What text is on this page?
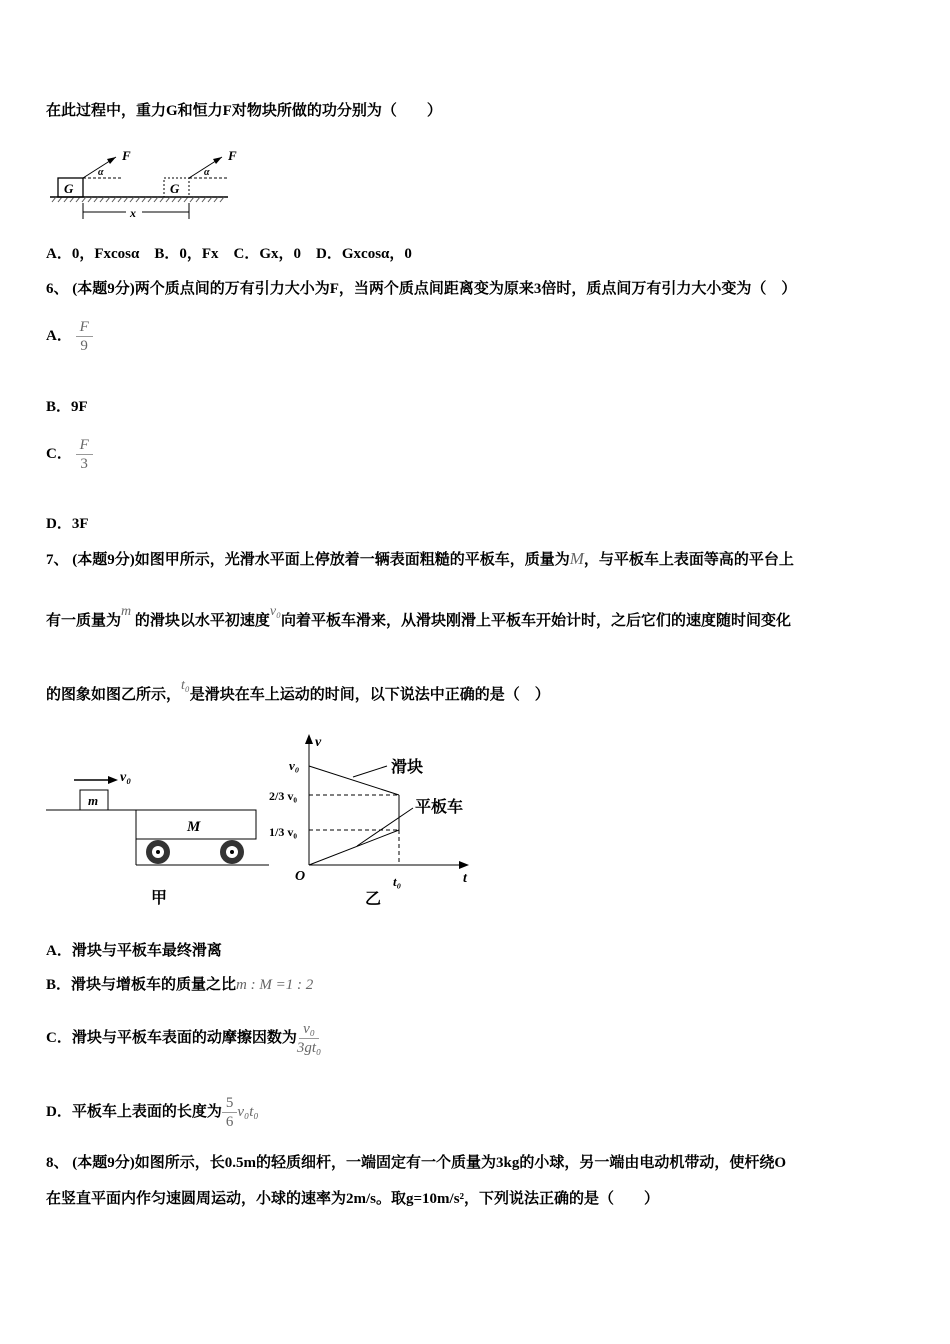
在此过程中，重力G和恒力F对物块所做的功分别为（　　）
G	G
F	F
α	α
x
A．0，Fxcosα　B．0，Fx　C．Gx，0　D．Gxcosα，0
6、 (本题9分)两个质点间的万有引力大小为F，当两个质点间距离变为原来3倍时，质点间万有引力大小变为（　）
A． $\frac{F}{9}$
B．9F
C． $\frac{F}{3}$
D．3F
7、 (本题9分)如图甲所示，光滑水平面上停放着一辆表面粗糙的平板车，质量为M，与平板车上表面等高的平台上
有一质量为m 的滑块以水平初速度v₀向着平板车滑来，从滑块刚滑上平板车开始计时，之后它们的速度随时间变化
的图象如图乙所示，t₀是滑块在车上运动的时间，以下说法中正确的是（　）
v₀
m
M
甲
v
t
O
v₀
2/3 v₀
1/3 v₀
t₀
滑块
平板车
乙
A．滑块与平板车最终滑离
B．滑块与增板车的质量之比m : M =1 : 2
C．滑块与平板车表面的动摩擦因数为 $\frac{\text{v₀}}{\text{3gt₀}}$
D．平板车上表面的长度为 $\frac{5}{6} v_0t_0$
8、 (本题9分)如图所示，长0.5m的轻质细杆，一端固定有一个质量为3kg的小球，另一端由电动机带动，使杆绕O
在竖直平面内作匀速圆周运动，小球的速率为2m/s。取g=10m/s²，下列说法正确的是（　　）
